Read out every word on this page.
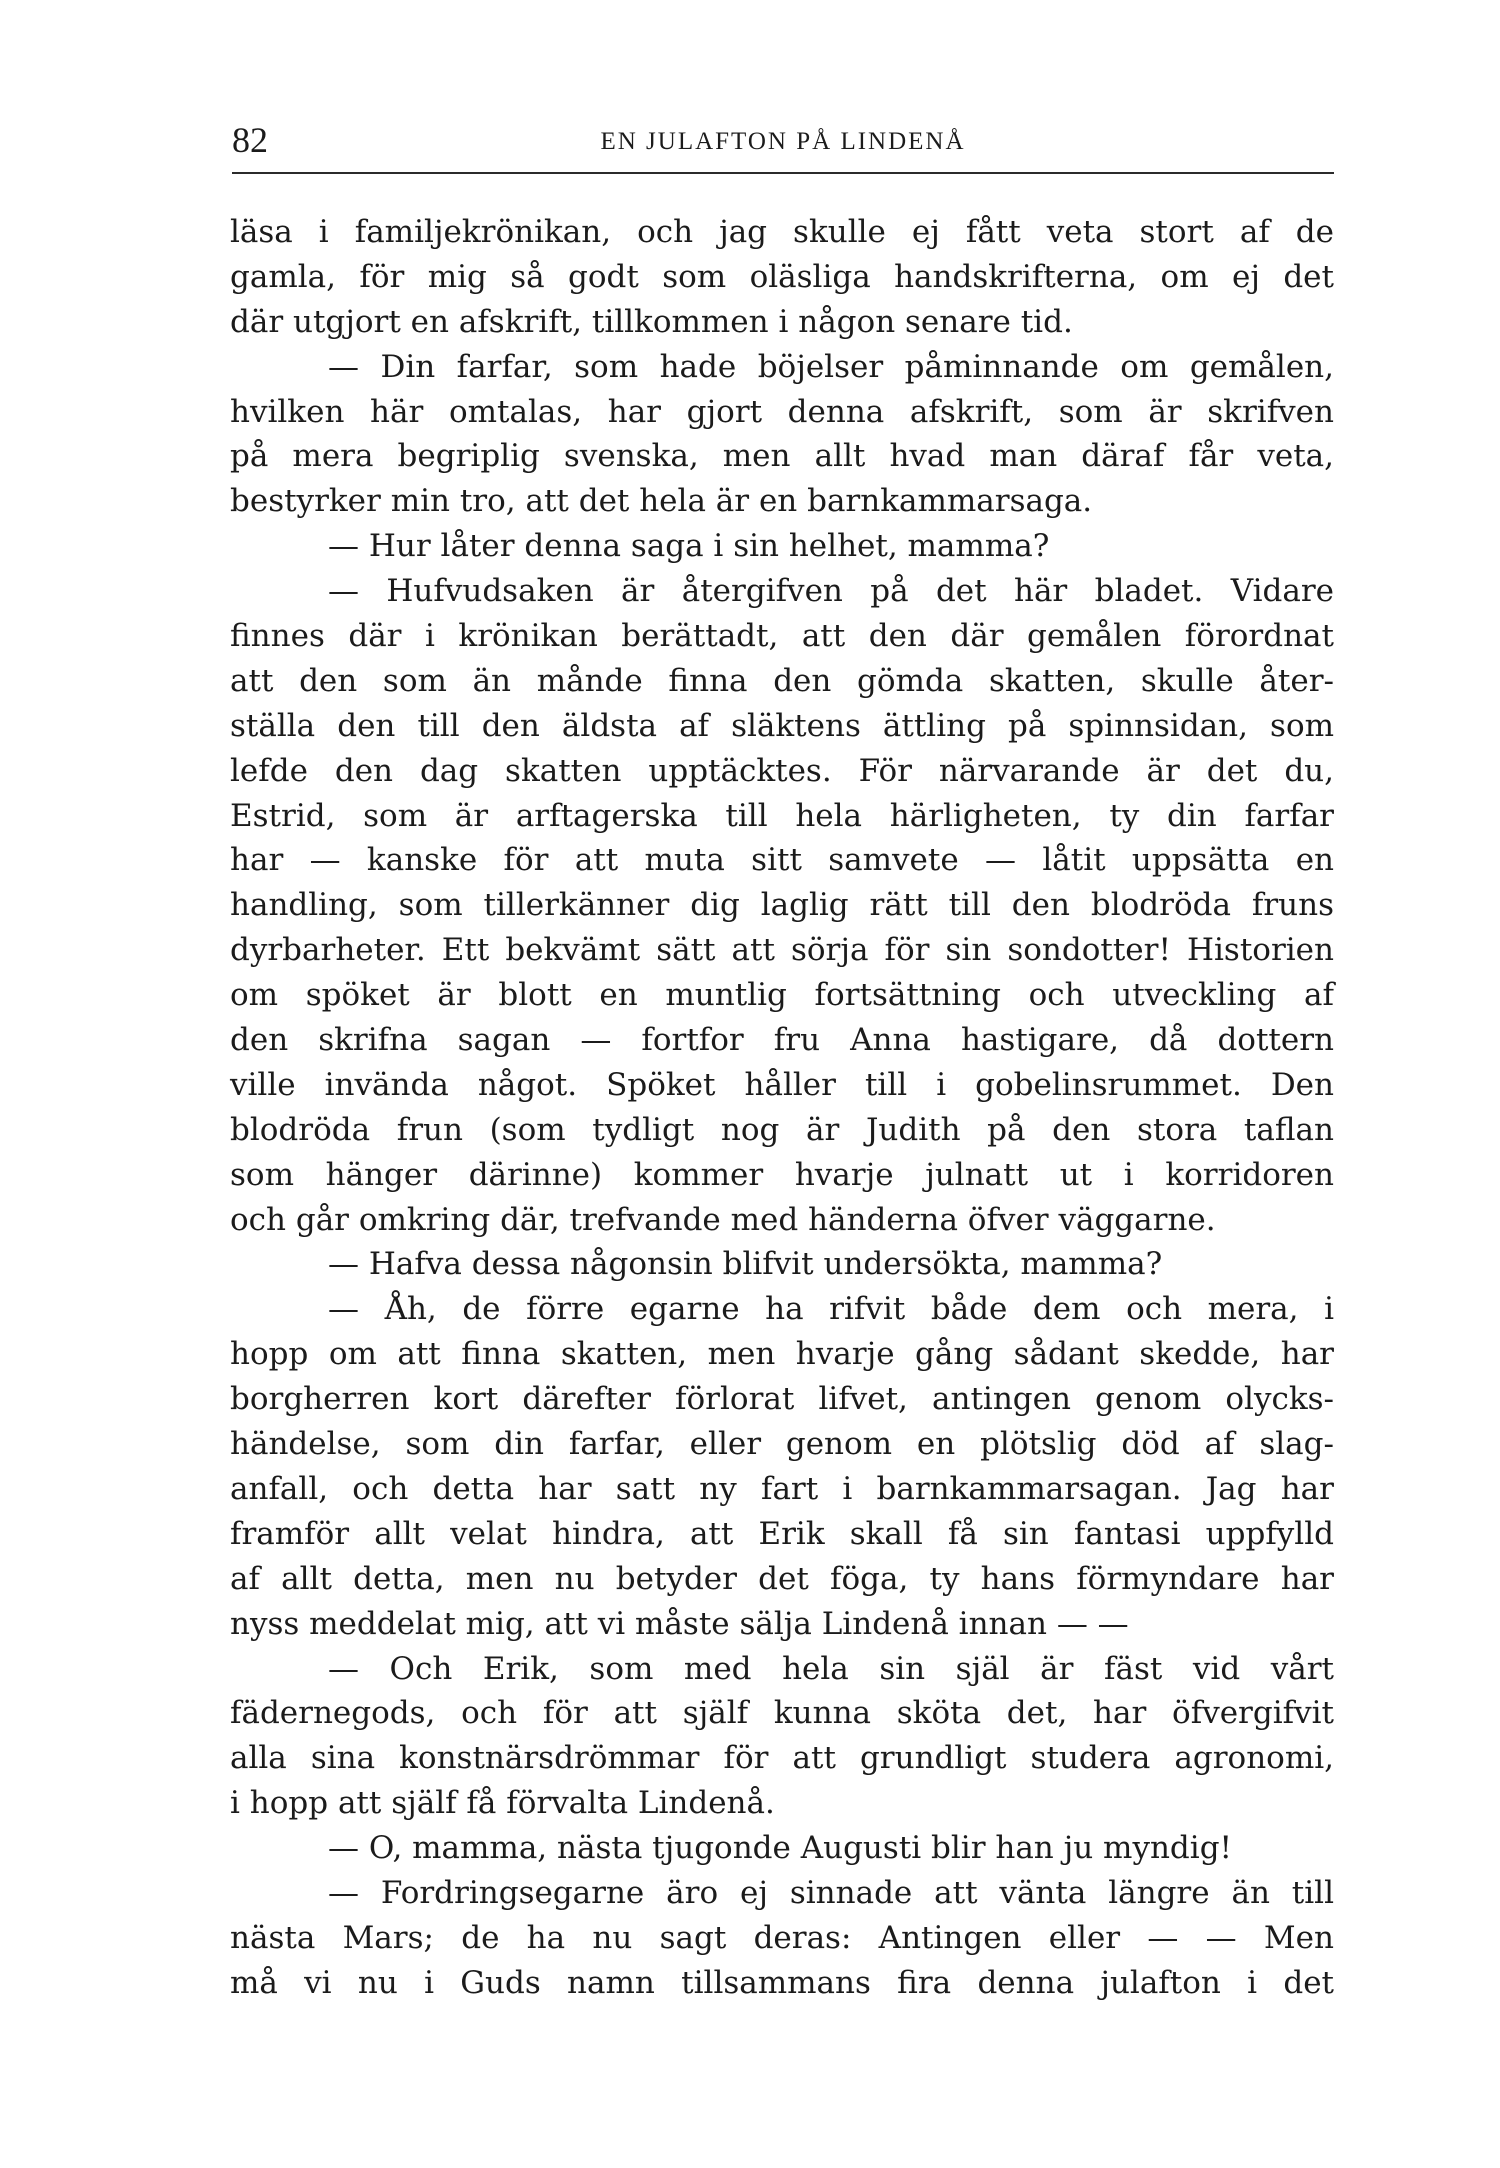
82	EN JULAFTON PÅ LINDENÅ
läsa i familjekrönikan, och jag skulle ej fått veta stort af de
gamla, för mig så godt som oläsliga handskrifterna, om ej det
där utgjort en afskrift, tillkommen i någon senare tid.
— Din farfar, som hade böjelser påminnande om gemålen,
hvilken här omtalas, har gjort denna afskrift, som är skrifven
på mera begriplig svenska, men allt hvad man däraf får veta,
bestyrker min tro, att det hela är en barnkammarsaga.
— Hur låter denna saga i sin helhet, mamma?
— Hufvudsaken är återgifven på det här bladet. Vidare
finnes där i krönikan berättadt, att den där gemålen förordnat
att den som än månde finna den gömda skatten, skulle åter-
ställa den till den äldsta af släktens ättling på spinnsidan, som
lefde den dag skatten upptäcktes. För närvarande är det du,
Estrid, som är arftagerska till hela härligheten, ty din farfar
har — kanske för att muta sitt samvete — låtit uppsätta en
handling, som tillerkänner dig laglig rätt till den blodröda fruns
dyrbarheter. Ett bekvämt sätt att sörja för sin sondotter! Historien
om spöket är blott en muntlig fortsättning och utveckling af
den skrifna sagan — fortfor fru Anna hastigare, då dottern
ville invända något. Spöket håller till i gobelinsrummet. Den
blodröda frun (som tydligt nog är Judith på den stora taflan
som hänger därinne) kommer hvarje julnatt ut i korridoren
och går omkring där, trefvande med händerna öfver väggarne.
— Hafva dessa någonsin blifvit undersökta, mamma?
— Åh, de förre egarne ha rifvit både dem och mera, i
hopp om att finna skatten, men hvarje gång sådant skedde, har
borgherren kort därefter förlorat lifvet, antingen genom olycks-
händelse, som din farfar, eller genom en plötslig död af slag-
anfall, och detta har satt ny fart i barnkammarsagan. Jag har
framför allt velat hindra, att Erik skall få sin fantasi uppfylld
af allt detta, men nu betyder det föga, ty hans förmyndare har
nyss meddelat mig, att vi måste sälja Lindenå innan — —
— Och Erik, som med hela sin själ är fäst vid vårt
fädernegods, och för att själf kunna sköta det, har öfvergifvit
alla sina konstnärsdrömmar för att grundligt studera agronomi,
i hopp att själf få förvalta Lindenå.
— O, mamma, nästa tjugonde Augusti blir han ju myndig!
— Fordringsegarne äro ej sinnade att vänta längre än till
nästa Mars; de ha nu sagt deras: Antingen eller — — Men
må vi nu i Guds namn tillsammans fira denna julafton i det
